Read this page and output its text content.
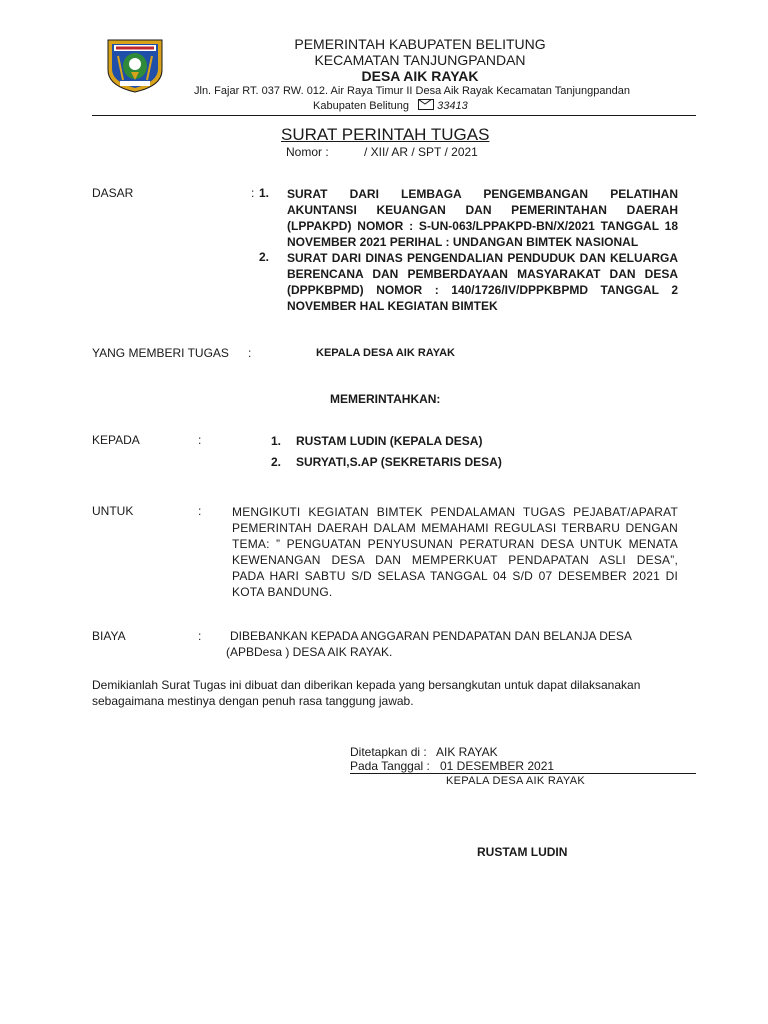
PEMERINTAH KABUPATEN BELITUNG
KECAMATAN TANJUNGPANDAN
DESA AIK RAYAK
Jln. Fajar RT. 037 RW. 012. Air Raya Timur II Desa Aik Rayak Kecamatan Tanjungpandan
Kabupaten Belitung	33413
SURAT PERINTAH TUGAS
Nomor :	/ XII/ AR / SPT / 2021
DASAR	: 1. SURAT DARI LEMBAGA PENGEMBANGAN PELATIHAN
AKUNTANSI KEUANGAN DAN PEMERINTAHAN DAERAH
(LPPAKPD) NOMOR : S-UN-063/LPPAKPD-BN/X/2021 TANGGAL 18
NOVEMBER 2021 PERIHAL : UNDANGAN BIMTEK NASIONAL
2. SURAT DARI DINAS PENGENDALIAN PENDUDUK DAN KELUARGA
BERENCANA DAN PEMBERDAYAAN MASYARAKAT DAN DESA
(DPPKBPMD) NOMOR : 140/1726/IV/DPPKBPMD TANGGAL 2
NOVEMBER HAL KEGIATAN BIMTEK
YANG MEMBERI TUGAS :	KEPALA DESA AIK RAYAK
MEMERINTAHKAN:
KEPADA	:	1. RUSTAM LUDIN (KEPALA DESA)
2. SURYATI,S.AP (SEKRETARIS DESA)
UNTUK	:	MENGIKUTI KEGIATAN BIMTEK PENDALAMAN TUGAS PEJABAT/APARAT
PEMERINTAH DAERAH DALAM MEMAHAMI REGULASI TERBARU DENGAN
TEMA: ” PENGUATAN PENYUSUNAN PERATURAN DESA UNTUK MENATA
KEWENANGAN DESA DAN MEMPERKUAT PENDAPATAN ASLI DESA”,
PADA HARI SABTU S/D SELASA TANGGAL 04 S/D 07 DESEMBER 2021 DI
KOTA BANDUNG.
BIAYA	: DIBEBANKAN KEPADA ANGGARAN PENDAPATAN DAN BELANJA DESA
(APBDesa ) DESA AIK RAYAK.
Demikianlah Surat Tugas ini dibuat dan diberikan kepada yang bersangkutan untuk dapat dilaksanakan
sebagaimana mestinya dengan penuh rasa tanggung jawab.
Ditetapkan di : AIK RAYAK
Pada Tanggal : 01 DESEMBER 2021
KEPALA DESA AIK RAYAK
RUSTAM LUDIN
